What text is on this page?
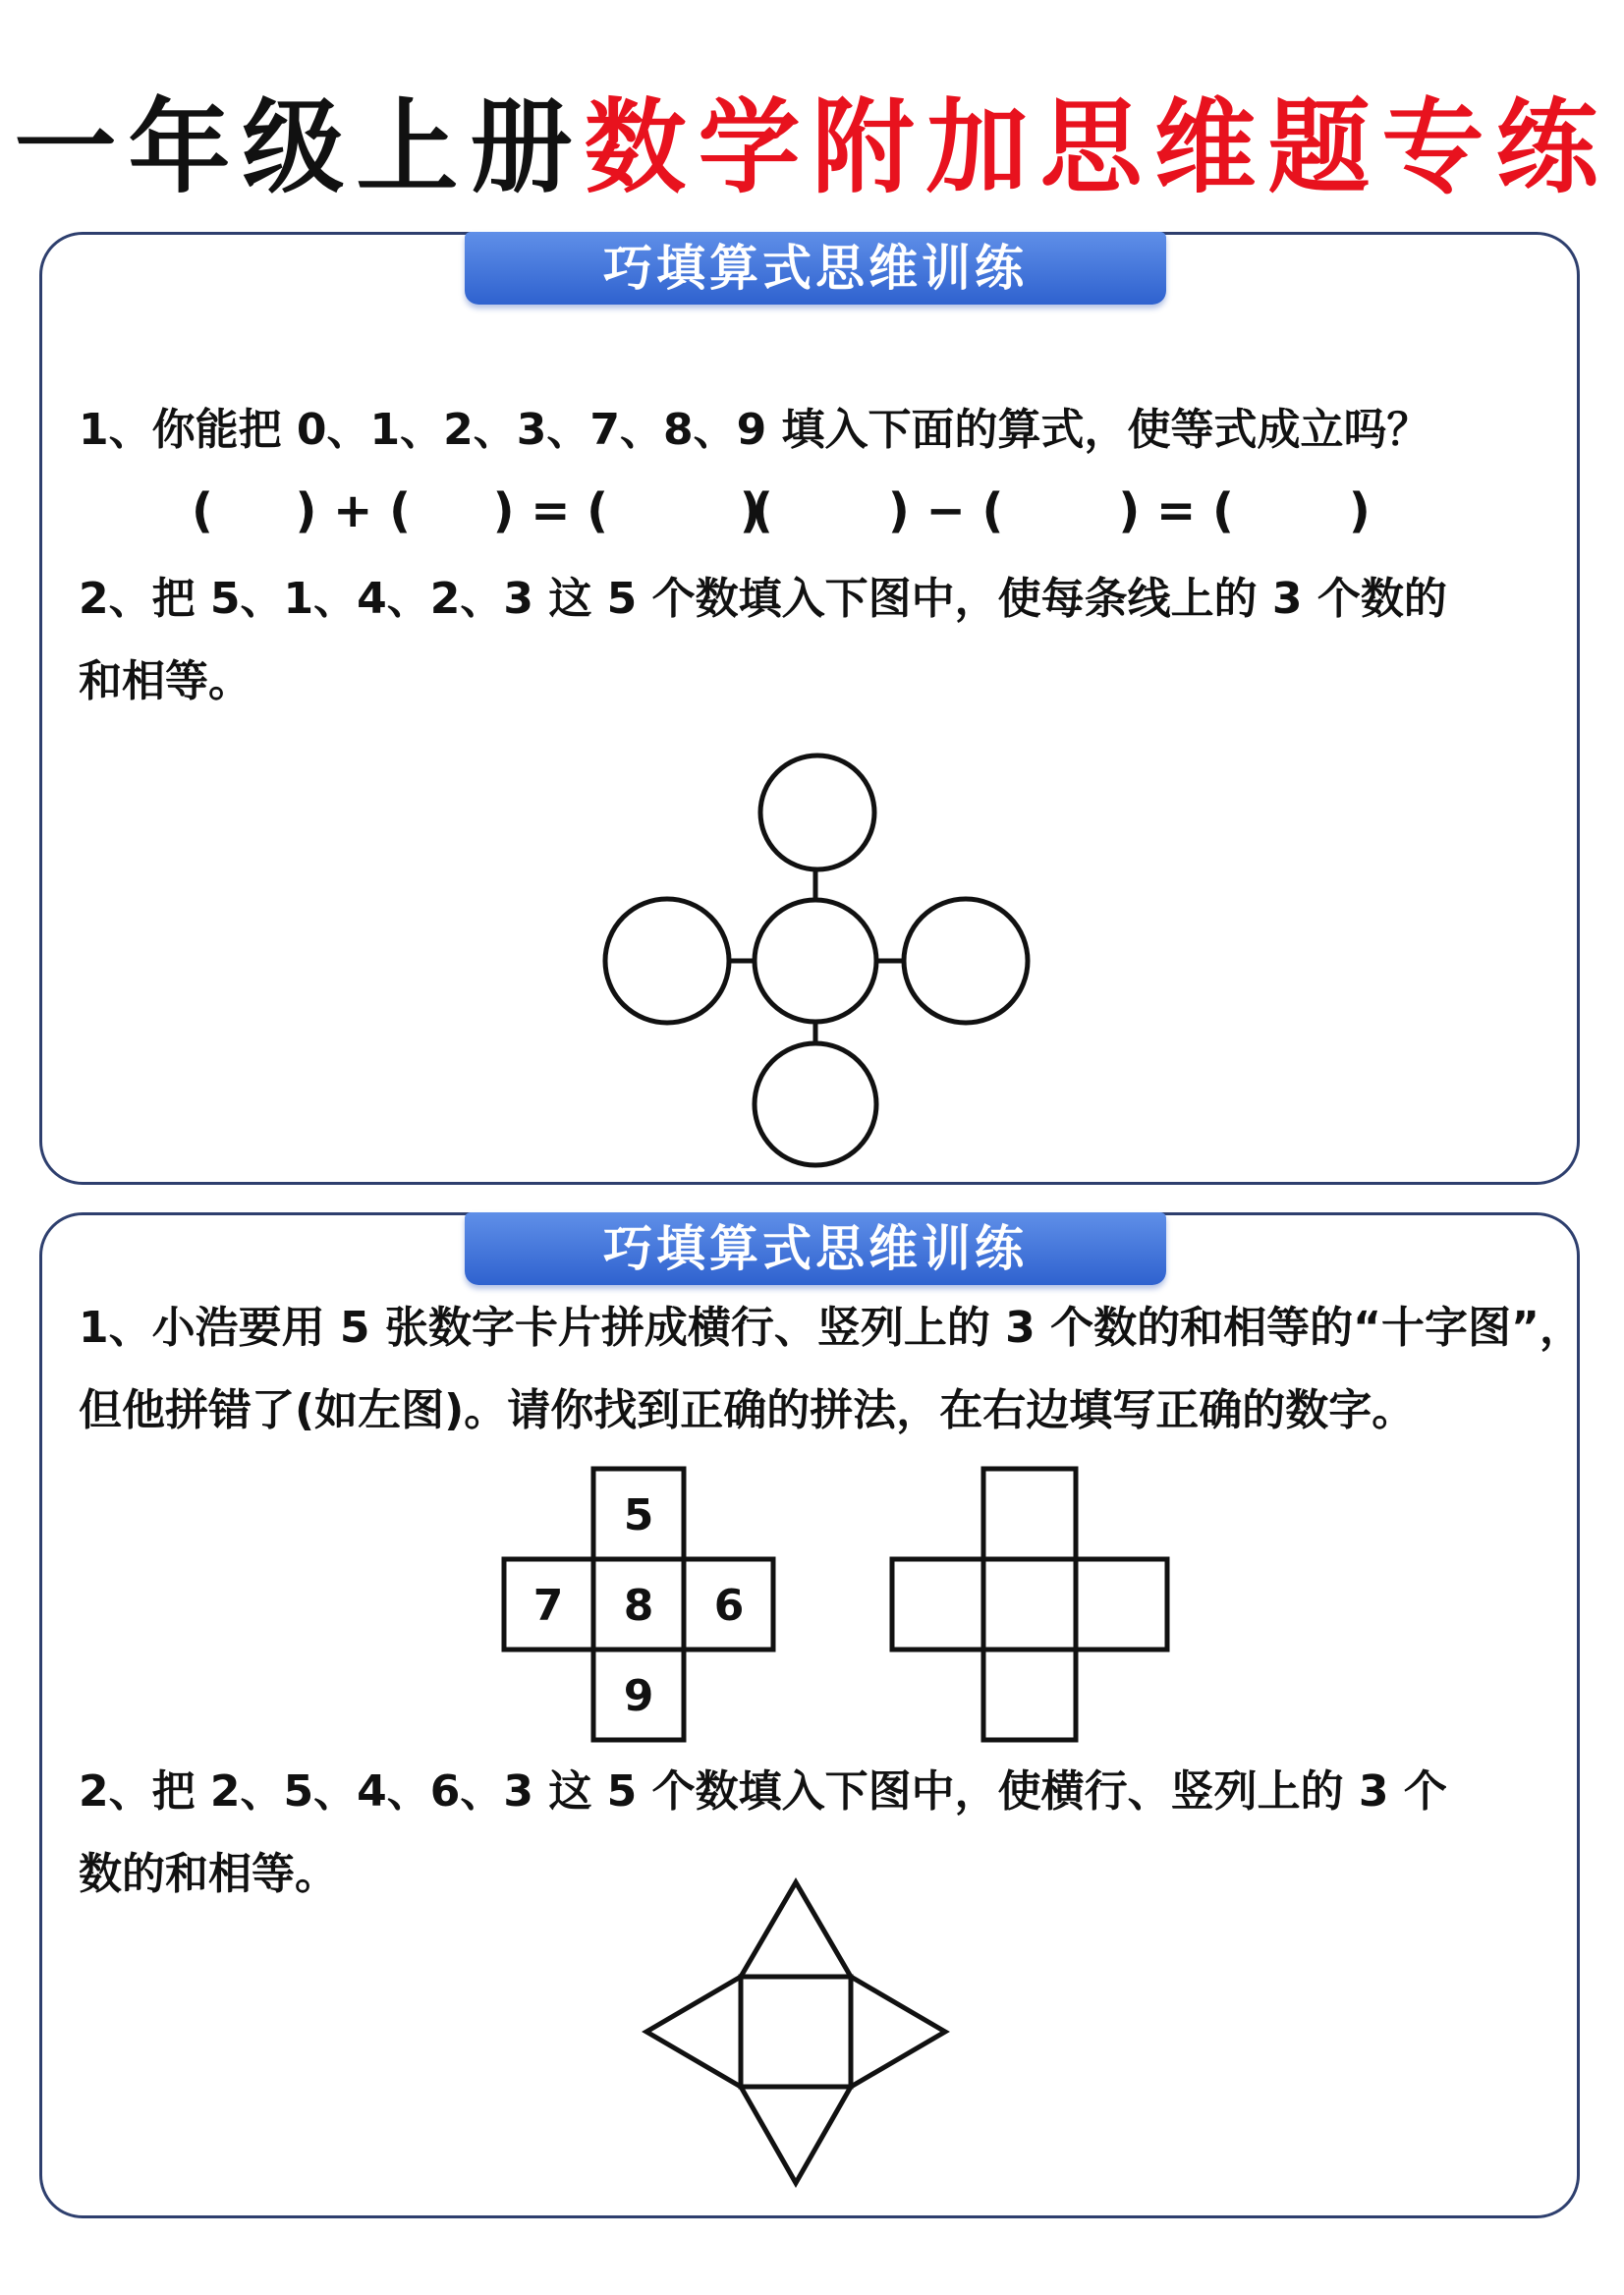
一年级上册数学附加思维题专练
巧填算式思维训练
1、你能把 0、1、2、3、7、8、9 填入下面的算式，使等式成立吗？
(     ) + (     ) = (        )
(       ) − (       ) = (       )
2、把 5、1、4、2、3 这 5 个数填入下图中，使每条线上的 3 个数的
和相等。
巧填算式思维训练
1、小浩要用 5 张数字卡片拼成横行、竖列上的 3 个数的和相等的“十字图”，
但他拼错了(如左图)。请你找到正确的拼法，在右边填写正确的数字。
5
7 8 6
9
2、把 2、5、4、6、3 这 5 个数填入下图中，使横行、竖列上的 3 个
数的和相等。
